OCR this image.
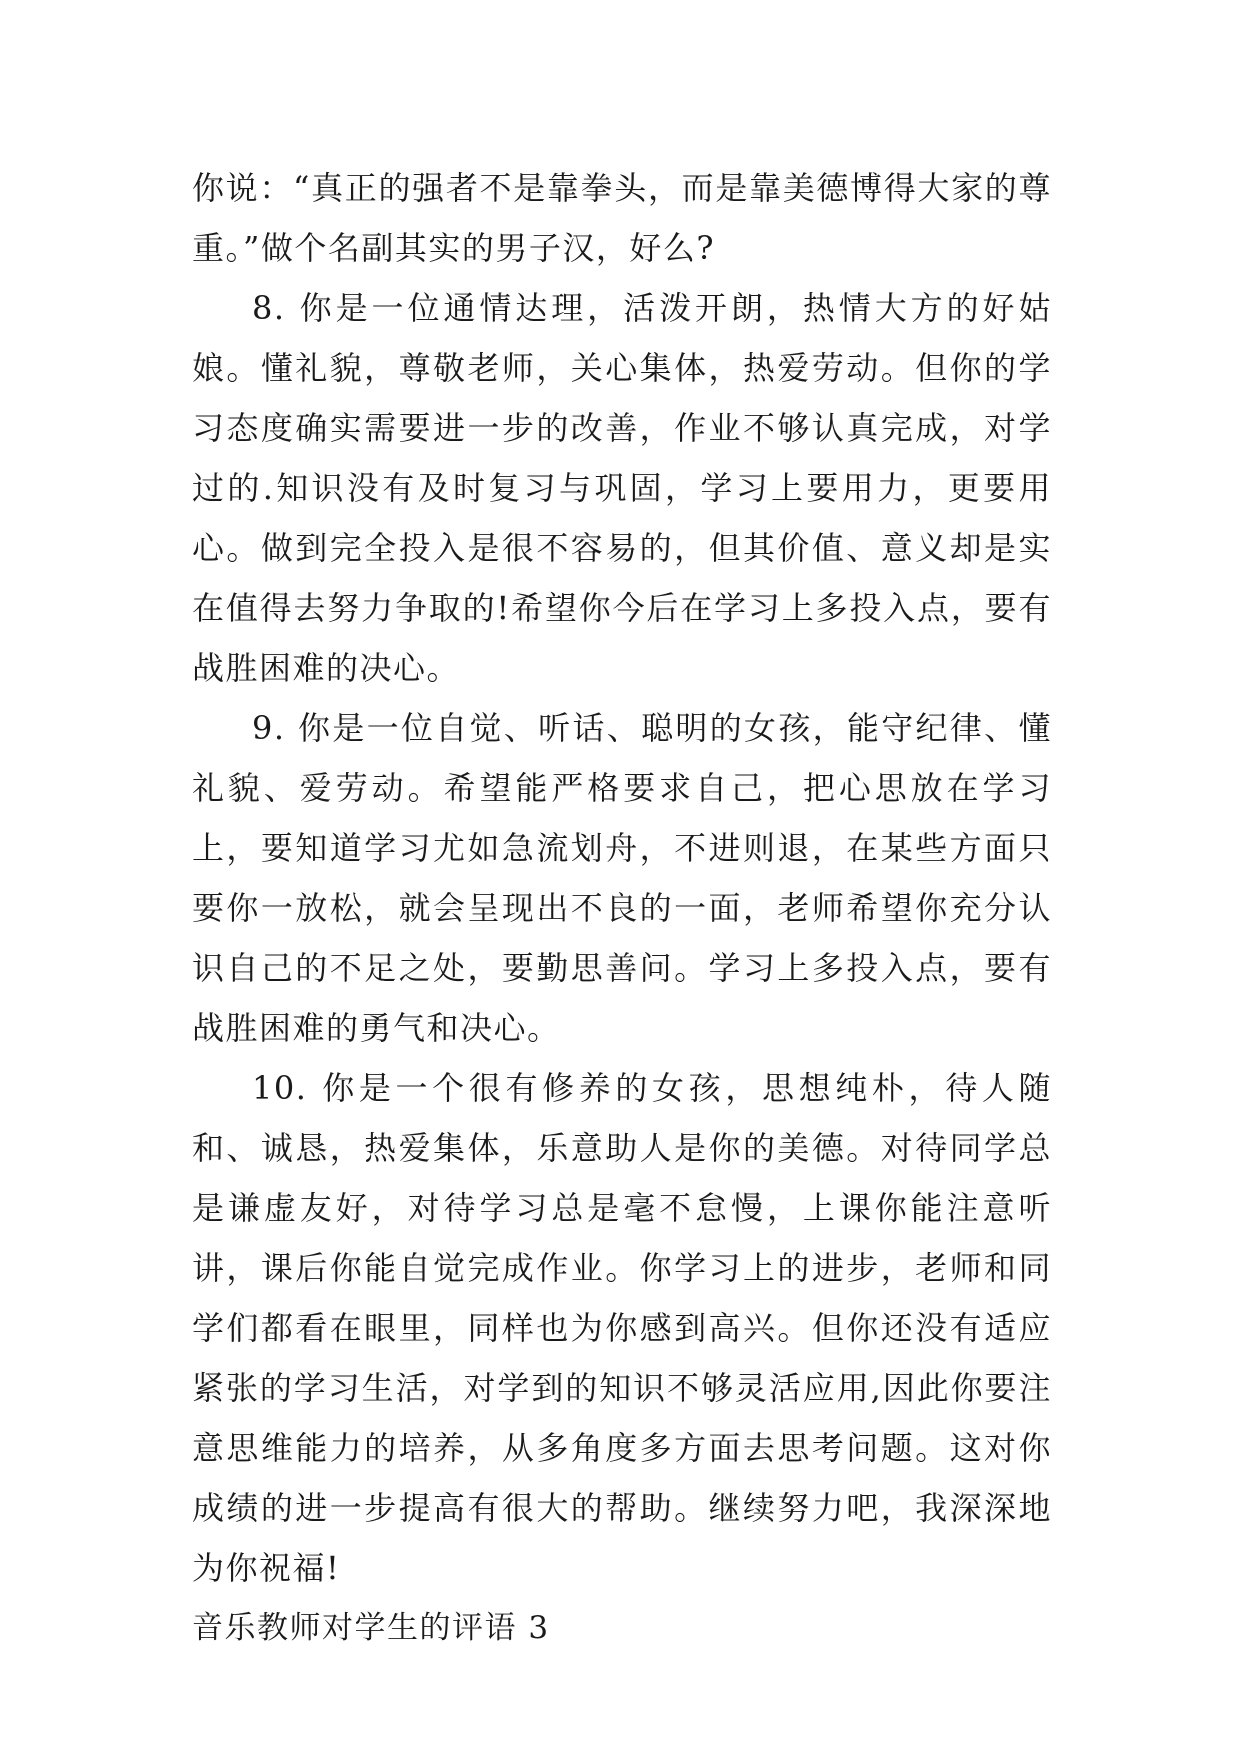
你说：“真正的强者不是靠拳头，而是靠美德博得大家的尊重。”做个名副其实的男子汉，好么?

8. 你是一位通情达理，活泼开朗，热情大方的好姑娘。懂礼貌，尊敬老师，关心集体，热爱劳动。但你的学习态度确实需要进一步的改善，作业不够认真完成，对学过的.知识没有及时复习与巩固，学习上要用力，更要用心。做到完全投入是很不容易的，但其价值、意义却是实在值得去努力争取的!希望你今后在学习上多投入点，要有战胜困难的决心。

9. 你是一位自觉、听话、聪明的女孩，能守纪律、懂礼貌、爱劳动。希望能严格要求自己，把心思放在学习上，要知道学习尤如急流划舟，不进则退，在某些方面只要你一放松，就会呈现出不良的一面，老师希望你充分认识自己的不足之处，要勤思善问。学习上多投入点，要有战胜困难的勇气和决心。

10. 你是一个很有修养的女孩，思想纯朴，待人随和、诚恳，热爱集体，乐意助人是你的美德。对待同学总是谦虚友好，对待学习总是毫不怠慢，上课你能注意听讲，课后你能自觉完成作业。你学习上的进步，老师和同学们都看在眼里，同样也为你感到高兴。但你还没有适应紧张的学习生活，对学到的知识不够灵活应用,因此你要注意思维能力的培养，从多角度多方面去思考问题。这对你成绩的进一步提高有很大的帮助。继续努力吧，我深深地为你祝福!

音乐教师对学生的评语 3
